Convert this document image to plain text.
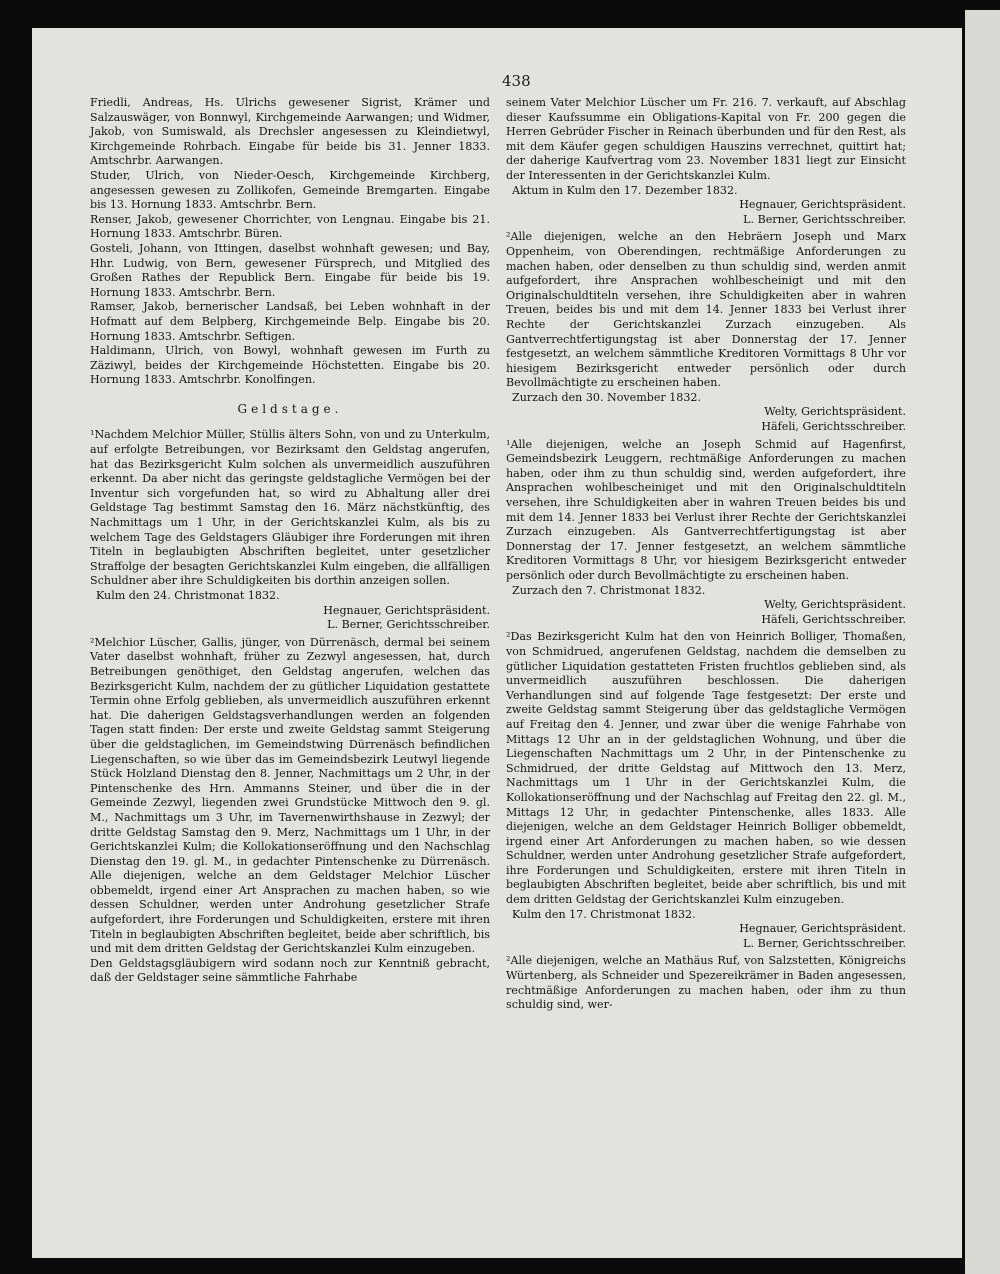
438

Friedli, Andreas, Hs. Ulrichs gewesener Sigrist, Krämer und Salzauswäger, von Bonnwyl, Kirchgemeinde Aarwangen; und Widmer, Jakob, von Sumiswald, als Drechsler angesessen zu Kleindietwyl, Kirchgemeinde Rohrbach. Eingabe für beide bis 31. Jenner 1833. Amtschrbr. Aarwangen.

Studer, Ulrich, von Nieder-Oesch, Kirchgemeinde Kirchberg, angesessen gewesen zu Zollikofen, Gemeinde Bremgarten. Eingabe bis 13. Hornung 1833. Amtschrbr. Bern.

Renser, Jakob, gewesener Chorrichter, von Lengnau. Eingabe bis 21. Hornung 1833. Amtschrbr. Büren.

Gosteli, Johann, von Ittingen, daselbst wohnhaft gewesen; und Bay, Hhr. Ludwig, von Bern, gewesener Fürsprech, und Mitglied des Großen Rathes der Republick Bern. Eingabe für beide bis 19. Hornung 1833. Amtschrbr. Bern.

Ramser, Jakob, bernerischer Landsaß, bei Leben wohnhaft in der Hofmatt auf dem Belpberg, Kirchgemeinde Belp. Eingabe bis 20. Hornung 1833. Amtschrbr. Seftigen.

Haldimann, Ulrich, von Bowyl, wohnhaft gewesen im Furth zu Zäziwyl, beides der Kirchgemeinde Höchstetten. Eingabe bis 20. Hornung 1833. Amtschrbr. Konolfingen.

Geldstage.

¹Nachdem Melchior Müller, Stüllis älters Sohn, von und zu Unterkulm, auf erfolgte Betreibungen, vor Bezirksamt den Geldstag angerufen, hat das Bezirksgericht Kulm solchen als unvermeidlich auszuführen erkennt. Da aber nicht das geringste geldstagliche Vermögen bei der Inventur sich vorgefunden hat, so wird zu Abhaltung aller drei Geldstage Tag bestimmt Samstag den 16. März nächstkünftig, des Nachmittags um 1 Uhr, in der Gerichtskanzlei Kulm, als bis zu welchem Tage des Geldstagers Gläubiger ihre Forderungen mit ihren Titeln in beglaubigten Abschriften begleitet, unter gesetzlicher Straffolge der besagten Gerichtskanzlei Kulm eingeben, die allfälligen Schuldner aber ihre Schuldigkeiten bis dorthin anzeigen sollen.

Kulm den 24. Christmonat 1832.

Hegnauer, Gerichtspräsident.

L. Berner, Gerichtsschreiber.

²Melchior Lüscher, Gallis, jünger, von Dürrenäsch, dermal bei seinem Vater daselbst wohnhaft, früher zu Zezwyl angesessen, hat, durch Betreibungen genöthiget, den Geldstag angerufen, welchen das Bezirksgericht Kulm, nachdem der zu gütlicher Liquidation gestattete Termin ohne Erfolg geblieben, als unvermeidlich auszuführen erkennt hat. Die daherigen Geldstagsverhandlungen werden an folgenden Tagen statt finden: Der erste und zweite Geldstag sammt Steigerung über die geldstaglichen, im Gemeindstwing Dürrenäsch befindlichen Liegenschaften, so wie über das im Gemeindsbezirk Leutwyl liegende Stück Holzland Dienstag den 8. Jenner, Nachmittags um 2 Uhr, in der Pintenschenke des Hrn. Ammanns Steiner, und über die in der Gemeinde Zezwyl, liegenden zwei Grundstücke Mittwoch den 9. gl. M., Nachmittags um 3 Uhr, im Tavernenwirthshause in Zezwyl; der dritte Geldstag Samstag den 9. Merz, Nachmittags um 1 Uhr, in der Gerichtskanzlei Kulm; die Kollokationseröffnung und den Nachschlag Dienstag den 19. gl. M., in gedachter Pintenschenke zu Dürrenäsch. Alle diejenigen, welche an dem Geldstager Melchior Lüscher obbemeldt, irgend einer Art Ansprachen zu machen haben, so wie dessen Schuldner, werden unter Androhung gesetzlicher Strafe aufgefordert, ihre Forderungen und Schuldigkeiten, erstere mit ihren Titeln in beglaubigten Abschriften begleitet, beide aber schriftlich, bis und mit dem dritten Geldstag der Gerichtskanzlei Kulm einzugeben.

Den Geldstagsgläubigern wird sodann noch zur Kenntniß gebracht, daß der Geldstager seine sämmtliche Fahrhabe

seinem Vater Melchior Lüscher um Fr. 216. 7. verkauft, auf Abschlag dieser Kaufssumme ein Obligations-Kapital von Fr. 200 gegen die Herren Gebrüder Fischer in Reinach überbunden und für den Rest, als mit dem Käufer gegen schuldigen Hauszins verrechnet, quittirt hat; der daherige Kaufvertrag vom 23. November 1831 liegt zur Einsicht der Interessenten in der Gerichtskanzlei Kulm.

Aktum in Kulm den 17. Dezember 1832.

Hegnauer, Gerichtspräsident.

L. Berner, Gerichtsschreiber.

²Alle diejenigen, welche an den Hebräern Joseph und Marx Oppenheim, von Oberendingen, rechtmäßige Anforderungen zu machen haben, oder denselben zu thun schuldig sind, werden anmit aufgefordert, ihre Ansprachen wohlbescheinigt und mit den Originalschuldtiteln versehen, ihre Schuldigkeiten aber in wahren Treuen, beides bis und mit dem 14. Jenner 1833 bei Verlust ihrer Rechte der Gerichtskanzlei Zurzach einzugeben. Als Gantverrechtfertigungstag ist aber Donnerstag der 17. Jenner festgesetzt, an welchem sämmtliche Kreditoren Vormittags 8 Uhr vor hiesigem Bezirksgericht entweder persönlich oder durch Bevollmächtigte zu erscheinen haben.

Zurzach den 30. November 1832.

Welty, Gerichtspräsident.

Häfeli, Gerichtsschreiber.

¹Alle diejenigen, welche an Joseph Schmid auf Hagenfirst, Gemeindsbezirk Leuggern, rechtmäßige Anforderungen zu machen haben, oder ihm zu thun schuldig sind, werden aufgefordert, ihre Ansprachen wohlbescheiniget und mit den Originalschuldtiteln versehen, ihre Schuldigkeiten aber in wahren Treuen beides bis und mit dem 14. Jenner 1833 bei Verlust ihrer Rechte der Gerichtskanzlei Zurzach einzugeben. Als Gantverrechtfertigungstag ist aber Donnerstag der 17. Jenner festgesetzt, an welchem sämmtliche Kreditoren Vormittags 8 Uhr, vor hiesigem Bezirksgericht entweder persönlich oder durch Bevollmächtigte zu erscheinen haben.

Zurzach den 7. Christmonat 1832.

Welty, Gerichtspräsident.

Häfeli, Gerichtsschreiber.

²Das Bezirksgericht Kulm hat den von Heinrich Bolliger, Thomaßen, von Schmidrued, angerufenen Geldstag, nachdem die demselben zu gütlicher Liquidation gestatteten Fristen fruchtlos geblieben sind, als unvermeidlich auszuführen beschlossen. Die daherigen Verhandlungen sind auf folgende Tage festgesetzt: Der erste und zweite Geldstag sammt Steigerung über das geldstagliche Vermögen auf Freitag den 4. Jenner, und zwar über die wenige Fahrhabe von Mittags 12 Uhr an in der geldstaglichen Wohnung, und über die Liegenschaften Nachmittags um 2 Uhr, in der Pintenschenke zu Schmidrued, der dritte Geldstag auf Mittwoch den 13. Merz, Nachmittags um 1 Uhr in der Gerichtskanzlei Kulm, die Kollokationseröffnung und der Nachschlag auf Freitag den 22. gl. M., Mittags 12 Uhr, in gedachter Pintenschenke, alles 1833. Alle diejenigen, welche an dem Geldstager Heinrich Bolliger obbemeldt, irgend einer Art Anforderungen zu machen haben, so wie dessen Schuldner, werden unter Androhung gesetzlicher Strafe aufgefordert, ihre Forderungen und Schuldigkeiten, erstere mit ihren Titeln in beglaubigten Abschriften begleitet, beide aber schriftlich, bis und mit dem dritten Geldstag der Gerichtskanzlei Kulm einzugeben.

Kulm den 17. Christmonat 1832.

Hegnauer, Gerichtspräsident.

L. Berner, Gerichtsschreiber.

²Alle diejenigen, welche an Mathäus Ruf, von Salzstetten, Königreichs Würtenberg, als Schneider und Spezereikrämer in Baden angesessen, rechtmäßige Anforderungen zu machen haben, oder ihm zu thun schuldig sind, wer-
